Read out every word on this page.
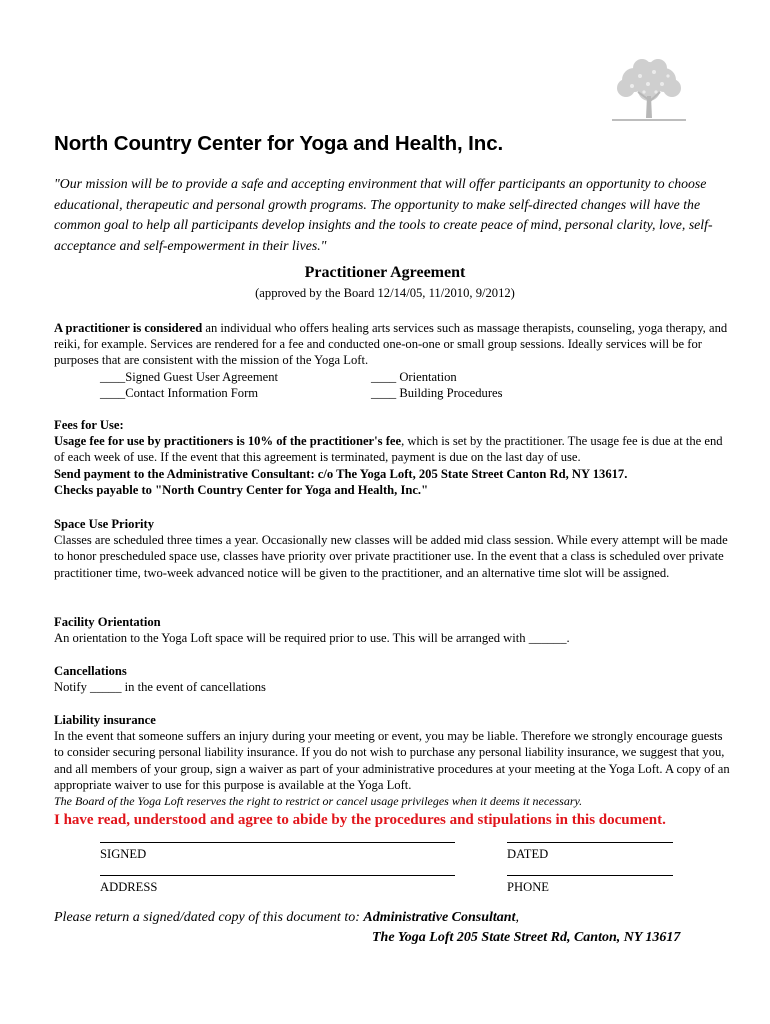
North Country Center for Yoga and Health, Inc.

"Our mission will be to provide a safe and accepting environment that will offer participants an opportunity to choose educational, therapeutic and personal growth programs. The opportunity to make self-directed changes will have the common goal to help all participants develop insights and the tools to create peace of mind, personal clarity, love, self-acceptance and self-empowerment in their lives."

Practitioner Agreement
(approved by the Board 12/14/05, 11/2010, 9/2012)

A practitioner is considered an individual who offers healing arts services such as massage therapists, counseling, yoga therapy, and reiki, for example. Services are rendered for a fee and conducted one-on-one or small group sessions. Ideally services will be for purposes that are consistent with the mission of the Yoga Loft.

____Signed Guest User Agreement
____Contact Information Form
____ Orientation
____ Building Procedures
Fees for Use:
Usage fee for use by practitioners is 10% of the practitioner's fee, which is set by the practitioner. The usage fee is due at the end of each week of use. If the event that this agreement is terminated, payment is due on the last day of use.
Send payment to the Administrative Consultant: c/o The Yoga Loft, 205 State Street Canton Rd, NY 13617.
Checks payable to "North Country Center for Yoga and Health, Inc."
Space Use Priority
Classes are scheduled three times a year. Occasionally new classes will be added mid class session. While every attempt will be made to honor prescheduled space use, classes have priority over private practitioner use. In the event that a class is scheduled over private practitioner time, two-week advanced notice will be given to the practitioner, and an alternative time slot will be assigned.
Facility Orientation
An orientation to the Yoga Loft space will be required prior to use. This will be arranged with ______.
Cancellations
Notify _____ in the event of cancellations
Liability insurance
In the event that someone suffers an injury during your meeting or event, you may be liable. Therefore we strongly encourage guests to consider securing personal liability insurance. If you do not wish to purchase any personal liability insurance, we suggest that you, and all members of your group, sign a waiver as part of your administrative procedures at your meeting at the Yoga Loft. A copy of an appropriate waiver to use for this purpose is available at the Yoga Loft.
The Board of the Yoga Loft reserves the right to restrict or cancel usage privileges when it deems it necessary.
I have read, understood and agree to abide by the procedures and stipulations in this document.
SIGNED	DATED
ADDRESS	PHONE
Please return a signed/dated copy of this document to: Administrative Consultant,
The Yoga Loft 205 State Street Rd, Canton, NY 13617
